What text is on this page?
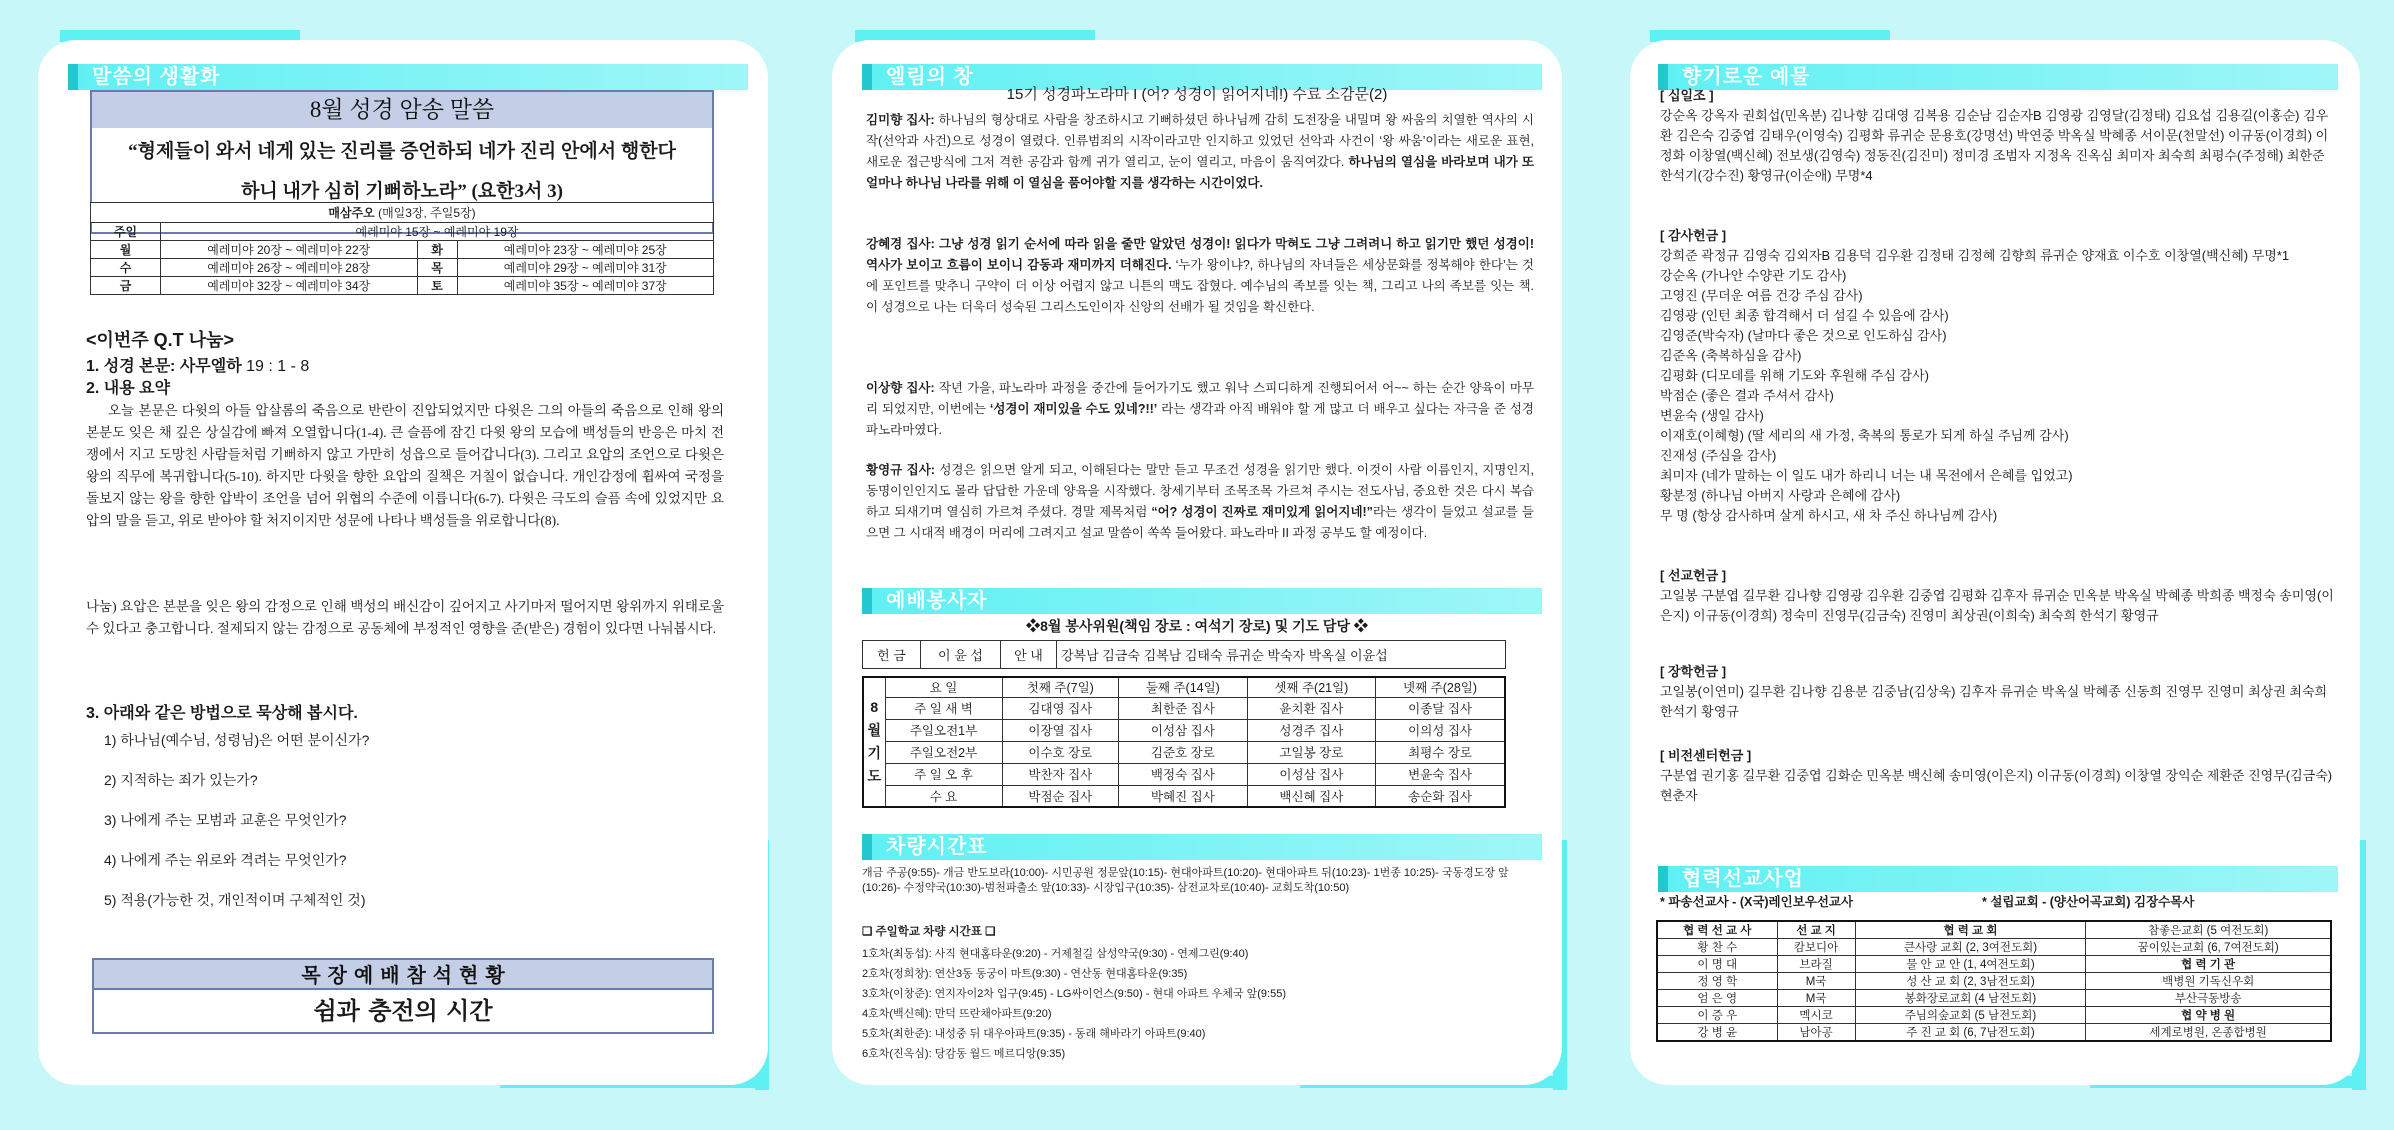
말씀의 생활화
8월 성경 암송 말씀
“형제들이 와서 네게 있는 진리를 증언하되 네가 진리 안에서 행한다
하니 내가 심히 기뻐하노라” (요한3서 3)
매삼주오 (매일3장, 주일5장)			
주일	예레미야 15장 ~ 예레미야 19장		
월	예레미야 20장 ~ 예레미야 22장	화	예레미야 23장 ~ 예레미야 25장
수	예레미야 26장 ~ 예레미야 28장	목	예레미야 29장 ~ 예레미야 31장
금	예레미야 32장 ~ 예레미야 34장	토	예레미야 35장 ~ 예레미야 37장
<이번주 Q.T 나눔>
1. 성경 본문: 사무엘하 19 : 1 - 8
2. 내용 요약
오늘 본문은 다윗의 아들 압살롬의 죽음으로 반란이 진압되었지만 다윗은 그의 아들의 죽음으로 인해 왕의 본분도 잊은 채 깊은 상실감에 빠져 오열합니다(1-4). 큰 슬픔에 잠긴 다윗 왕의 모습에 백성들의 반응은 마치 전쟁에서 지고 도망친 사람들처럼 기뻐하지 않고 가만히 성읍으로 들어갑니다(3). 그리고 요압의 조언으로 다윗은 왕의 직무에 복귀합니다(5-10). 하지만 다윗을 향한 요압의 질책은 거칠이 없습니다. 개인감정에 휩싸여 국정을 돌보지 않는 왕을 향한 압박이 조언을 넘어 위협의 수준에 이릅니다(6-7). 다윗은 극도의 슬픔 속에 있었지만 요압의 말을 듣고, 위로 받아야 할 처지이지만 성문에 나타나 백성들을 위로합니다(8).
나눔) 요압은 본분을 잊은 왕의 감정으로 인해 백성의 배신감이 깊어지고 사기마저 떨어지면 왕위까지 위태로울 수 있다고 충고합니다. 절제되지 않는 감정으로 공동체에 부정적인 영향을 준(받은) 경험이 있다면 나눠봅시다.
3. 아래와 같은 방법으로 묵상해 봅시다.
1) 하나님(예수님, 성령님)은 어떤 분이신가?
2) 지적하는 죄가 있는가?
3) 나에게 주는 모범과 교훈은 무엇인가?
4) 나에게 주는 위로와 격려는 무엇인가?
5) 적용(가능한 것, 개인적이며 구체적인 것)
목 장 예 배 참 석 현 황
쉼과 충전의 시간
엘림의 창
15기 성경파노라마 I (어? 성경이 읽어지네!) 수료 소감문(2)
김미향 집사: 하나님의 형상대로 사람을 창조하시고 기뻐하셨던 하나님께 감히 도전장을 내밀며 왕 싸움의 치열한 역사의 시작(선악과 사건)으로 성경이 열렸다. 인류범죄의 시작이라고만 인지하고 있었던 선악과 사건이 ‘왕 싸움’이라는 새로운 표현, 새로운 접근방식에 그저 격한 공감과 함께 귀가 열리고, 눈이 열리고, 마음이 움직여갔다. 하나님의 열심을 바라보며 내가 또 얼마나 하나님 나라를 위해 이 열심을 품어야할 지를 생각하는 시간이었다.
강혜경 집사: 그냥 성경 읽기 순서에 따라 읽을 줄만 알았던 성경이! 읽다가 막혀도 그냥 그려려니 하고 읽기만 했던 성경이! 역사가 보이고 흐름이 보이니 감동과 재미까지 더해진다. ‘누가 왕이냐?, 하나님의 자녀들은 세상문화를 정복해야 한다’는 것에 포인트를 맞추니 구약이 더 이상 어렵지 않고 니튼의 맥도 잡혔다. 예수님의 족보를 잇는 책, 그리고 나의 족보를 잇는 책. 이 성경으로 나는 더욱더 성숙된 그리스도인이자 신앙의 선배가 될 것임을 확신한다.
이상향 집사: 작년 가을, 파노라마 과정을 중간에 들어가기도 했고 워낙 스피디하게 진행되어서 어~~ 하는 순간 양육이 마무리 되었지만, 이번에는 ‘성경이 재미있을 수도 있네?!!’ 라는 생각과 아직 배워야 할 게 많고 더 배우고 싶다는 자극을 준 성경파노라마였다.
황영규 집사: 성경은 읽으면 알게 되고, 이해된다는 말만 듣고 무조건 성경을 읽기만 했다. 이것이 사람 이름인지, 지명인지, 동명이인인지도 몰라 답답한 가운데 양육을 시작했다. 창세기부터 조목조목 가르쳐 주시는 전도사님, 중요한 것은 다시 복습하고 되새기며 열심히 가르쳐 주셨다. 경말 제목처럼 “어? 성경이 진짜로 재미있게 읽어지네!”라는 생각이 들었고 설교를 들으면 그 시대적 배경이 머리에 그려지고 설교 말씀이 쏙쏙 들어왔다. 파노라마 II 과정 공부도 할 예정이다.
예배봉사자
❖8월 봉사위원(책임 장로 : 여석기 장로) 및 기도 담당 ❖
헌 금	이 윤 섭	안 내	강복남 김금숙 김복남 김태숙 류귀순 박숙자 박옥실 이윤섭
8 월 기 도	요 일	첫째 주(7일)	둘째 주(14일)	셋째 주(21일)	넷째 주(28일)
	주 일 새 벽	김대영 집사	최한준 집사	윤치환 집사	이종달 집사
	주일오전1부	이장열 집사	이성삼 집사	성경주 집사	이의성 집사
	주일오전2부	이수호 장로	김준호 장로	고일봉 장로	최평수 장로
	주 일 오 후	박찬자 집사	백정숙 집사	이성삼 집사	변윤숙 집사
	수 요	박점순 집사	박혜진 집사	백신혜 집사	송순화 집사
차량시간표
개금 주공(9:55)- 개금 반도보라(10:00)- 시민공원 정문앞(10:15)- 현대아파트(10:20)- 현대아파트 뒤(10:23)- 1번종 10:25)- 국동경도장 앞(10:26)- 수정약국(10:30)-범천파출소 앞(10:33)- 시장입구(10:35)- 삼전교차로(10:40)- 교회도착(10:50)
❑ 주일학교 차량 시간표 ❑
1호차(최동섭): 사직 현대홈타운(9:20) - 거제철길 삼성약국(9:30) - 연제그린(9:40)
2호차(정희창): 연산3동 동궁이 마트(9:30) - 연산동 현대홈타운(9:35)
3호차(이창준): 연지자이2차 입구(9:45) - LG싸이언스(9:50) - 현대 아파트 우체국 앞(9:55)
4호차(백신혜): 만덕 뜨란채아파트(9:20)
5호차(최한준): 내성중 뒤 대우아파트(9:35) - 동래 해바라기 아파트(9:40)
6호차(진옥심): 당감동 월드 메르디앙(9:35)
향기로운 예물
[ 십일조 ]
강순옥 강옥자 권회섭(민옥분) 김나향 김대영 김복용 김순남 김순자B 김영광 김영달(김정태) 김요섭 김용길(이홍순) 김우환 김은숙 김중엽 김태우(이영숙) 김평화 류귀순 문용호(강명선) 박연중 박옥실 박혜종 서이문(천말선) 이규동(이경희) 이정화 이창열(백신혜) 전보생(김영숙) 정동진(김진미) 정미경 조범자 지정옥 진옥심 최미자 최숙희 최평수(주정해) 최한준 한석기(강수진) 황영규(이순애) 무명*4
[ 감사헌금 ]
강희준 곽정규 김영숙 김외자B 김용덕 김우환 김정태 김정혜 김향희 류귀순 양재효 이수호 이창열(백신혜) 무명*1
강순옥 (가나안 수양관 기도 감사)
고영진 (무더운 여름 건강 주심 감사)
김영광 (인턴 최종 합격해서 더 섬길 수 있음에 감사)
김영준(박숙자) (날마다 좋은 것으로 인도하심 감사)
김준옥 (축복하심을 감사)
김평화 (디모데를 위해 기도와 후원해 주심 감사)
박점순 (좋은 결과 주셔서 감사)
변윤숙 (생일 감사)
이재호(이혜형) (딸 세리의 새 가정, 축복의 통로가 되게 하실 주님께 감사)
진재성 (주심을 감사)
최미자 (네가 말하는 이 일도 내가 하리니 너는 내 목전에서 은혜를 입었고)
황분정 (하나님 아버지 사랑과 은혜에 감사)
무 명 (항상 감사하며 살게 하시고, 새 차 주신 하나님께 감사)
[ 선교헌금 ]
고일봉 구분엽 길무환 김나향 김영광 김우환 김중엽 김평화 김후자 류귀순 민옥분 박옥실 박혜종 박희종 백정숙 송미영(이은지) 이규동(이경희) 정숙미 진영무(김금숙) 진영미 최상권(이희숙) 최숙희 한석기 황영규
[ 장학헌금 ]
고일봉(이연미) 길무환 김나향 김용분 김중남(김상욱) 김후자 류귀순 박옥실 박혜종 신동희 진영무 진영미 최상권 최숙희 한석기 황영규
[ 비전센터헌금 ]
구분엽 권기홍 길무환 김중엽 김화순 민옥분 백신혜 송미영(이은지) 이규동(이경희) 이창열 장익순 제환준 진영무(김금숙) 현춘자
협력선교사업
* 파송선교사 - (X국)레인보우선교사	* 설립교회 - (양산어곡교회) 김장수목사
협 력 선 교 사	선 교 지	협 력 교 회	참좋은교회 (5 여전도회)
황 찬 수	캄보디아	큰사랑 교회 (2, 3여전도회)	꿈이있는교회 (6, 7여전도회)
이 명 대	브라질	물 안 교 안 (1, 4여전도회)	협 력 기 관
정 영 학	M국	성 산 교 회 (2, 3남전도회)	백병원 기독신우회
엄 은 영	M국	봉화장로교회 (4 남전도회)	부산극동방송
이 증 우	멕시코	주님의숲교회 (5 남전도회)	협 약 병 원
강 병 윤	남아공	주 진 교 회 (6, 7남전도회)	세계로병원, 온종합병원
